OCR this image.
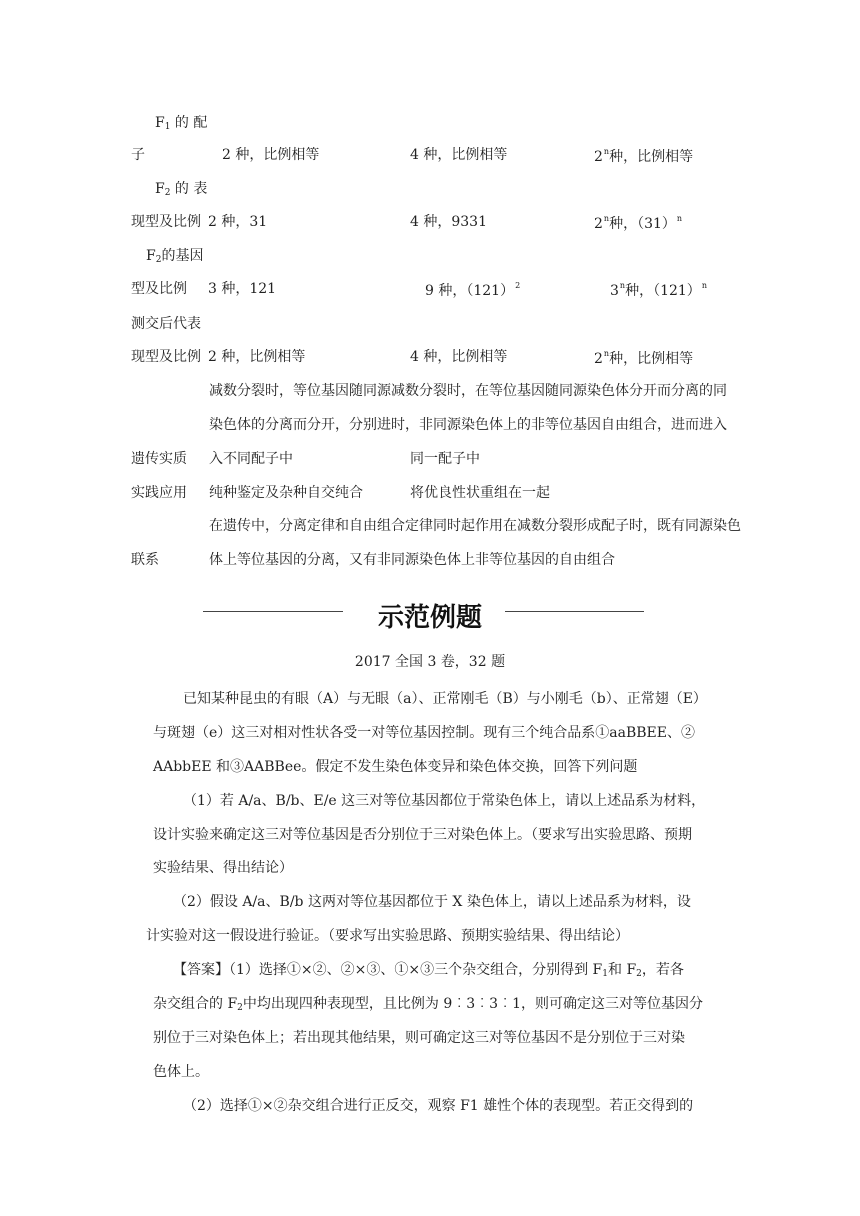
$F_1$ 的 配
子	2 种，比例相等	4 种，比例相等	2$^n$种，比例相等
$F_2$ 的 表
现型及比例 2 种，31	4 种，9331	2$^n$种，$(31)^n$
$F_2$的基因
型及比例 3 种，121	9 种，$(121)^2$	3$^n$种，$(121)^n$
测交后代表
现型及比例 2 种，比例相等	4 种，比例相等	2$^n$种，比例相等
减数分裂时，等位基因随同源减数分裂时，在等位基因随同源染色体分开而分离的同
染色体的分离而分开，分别进时，非同源染色体上的非等位基因自由组合，进而进入
遗传实质 入不同配子中	同一配子中
实践应用 纯种鉴定及杂种自交纯合	将优良性状重组在一起
在遗传中，分离定律和自由组合定律同时起作用在减数分裂形成配子时，既有同源染色
联系	体上等位基因的分离，又有非同源染色体上非等位基因的自由组合
示范例题
2017 全国 3 卷，32 题
已知某种昆虫的有眼（A）与无眼（a）、正常刚毛（B）与小刚毛（b）、正常翅（E）
与斑翅（e）这三对相对性状各受一对等位基因控制。现有三个纯合品系①aaBBEE、②
AAbbEE 和③AABBee。假定不发生染色体变异和染色体交换，回答下列问题
（1）若 A/a、B/b、E/e 这三对等位基因都位于常染色体上，请以上述品系为材料，
设计实验来确定这三对等位基因是否分别位于三对染色体上。（要求写出实验思路、预期
实验结果、得出结论）
（2）假设 A/a、B/b 这两对等位基因都位于 X 染色体上，请以上述品系为材料，设
计实验对这一假设进行验证。（要求写出实验思路、预期实验结果、得出结论）
【答案】（1）选择①×②、②×③、①×③三个杂交组合，分别得到 $F_1$和 $F_2$，若各
杂交组合的 $F_2$中均出现四种表现型，且比例为 9︰3︰3︰1，则可确定这三对等位基因分
别位于三对染色体上；若出现其他结果，则可确定这三对等位基因不是分别位于三对染
色体上。
（2）选择①×②杂交组合进行正反交，观察 F1 雄性个体的表现型。若正交得到的
